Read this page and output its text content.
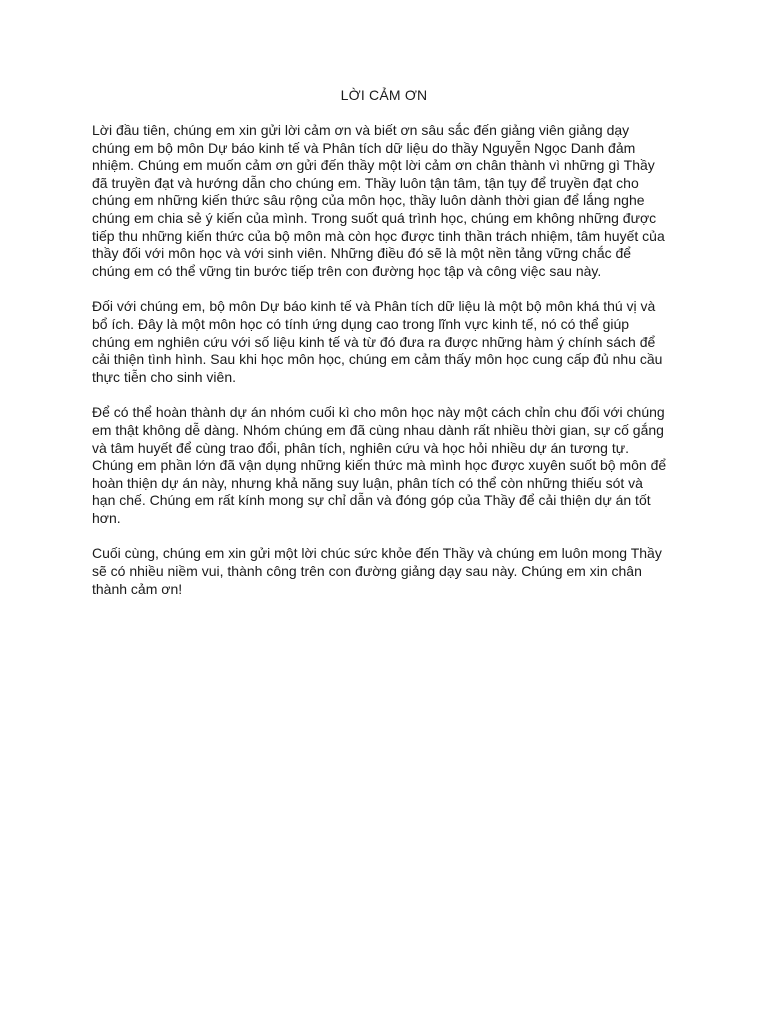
LỜI CẢM ƠN

Lời đầu tiên, chúng em xin gửi lời cảm ơn và biết ơn sâu sắc đến giảng viên giảng dạy
chúng em bộ môn Dự báo kinh tế và Phân tích dữ liệu do thầy Nguyễn Ngọc Danh đảm
nhiệm. Chúng em muốn cảm ơn gửi đến thầy một lời cảm ơn chân thành vì những gì Thầy
đã truyền đạt và hướng dẫn cho chúng em. Thầy luôn tận tâm, tận tụy để truyền đạt cho
chúng em những kiến thức sâu rộng của môn học, thầy luôn dành thời gian để lắng nghe
chúng em chia sẻ ý kiến của mình. Trong suốt quá trình học, chúng em không những được
tiếp thu những kiến thức của bộ môn mà còn học được tinh thần trách nhiệm, tâm huyết của
thầy đối với môn học và với sinh viên. Những điều đó sẽ là một nền tảng vững chắc để
chúng em có thể vững tin bước tiếp trên con đường học tập và công việc sau này.

Đối với chúng em, bộ môn Dự báo kinh tế và Phân tích dữ liệu là một bộ môn khá thú vị và
bổ ích. Đây là một môn học có tính ứng dụng cao trong lĩnh vực kinh tế, nó có thể giúp
chúng em nghiên cứu với số liệu kinh tế và từ đó đưa ra được những hàm ý chính sách để
cải thiện tình hình. Sau khi học môn học, chúng em cảm thấy môn học cung cấp đủ nhu cầu
thực tiễn cho sinh viên.

Để có thể hoàn thành dự án nhóm cuối kì cho môn học này một cách chỉn chu đối với chúng
em thật không dễ dàng. Nhóm chúng em đã cùng nhau dành rất nhiều thời gian, sự cố gắng
và tâm huyết để cùng trao đổi, phân tích, nghiên cứu và học hỏi nhiều dự án tương tự.
Chúng em phần lớn đã vận dụng những kiến thức mà mình học được xuyên suốt bộ môn để
hoàn thiện dự án này, nhưng khả năng suy luận, phân tích có thể còn những thiếu sót và
hạn chế. Chúng em rất kính mong sự chỉ dẫn và đóng góp của Thầy để cải thiện dự án tốt
hơn.

Cuối cùng, chúng em xin gửi một lời chúc sức khỏe đến Thầy và chúng em luôn mong Thầy
sẽ có nhiều niềm vui, thành công trên con đường giảng dạy sau này. Chúng em xin chân
thành cảm ơn!
